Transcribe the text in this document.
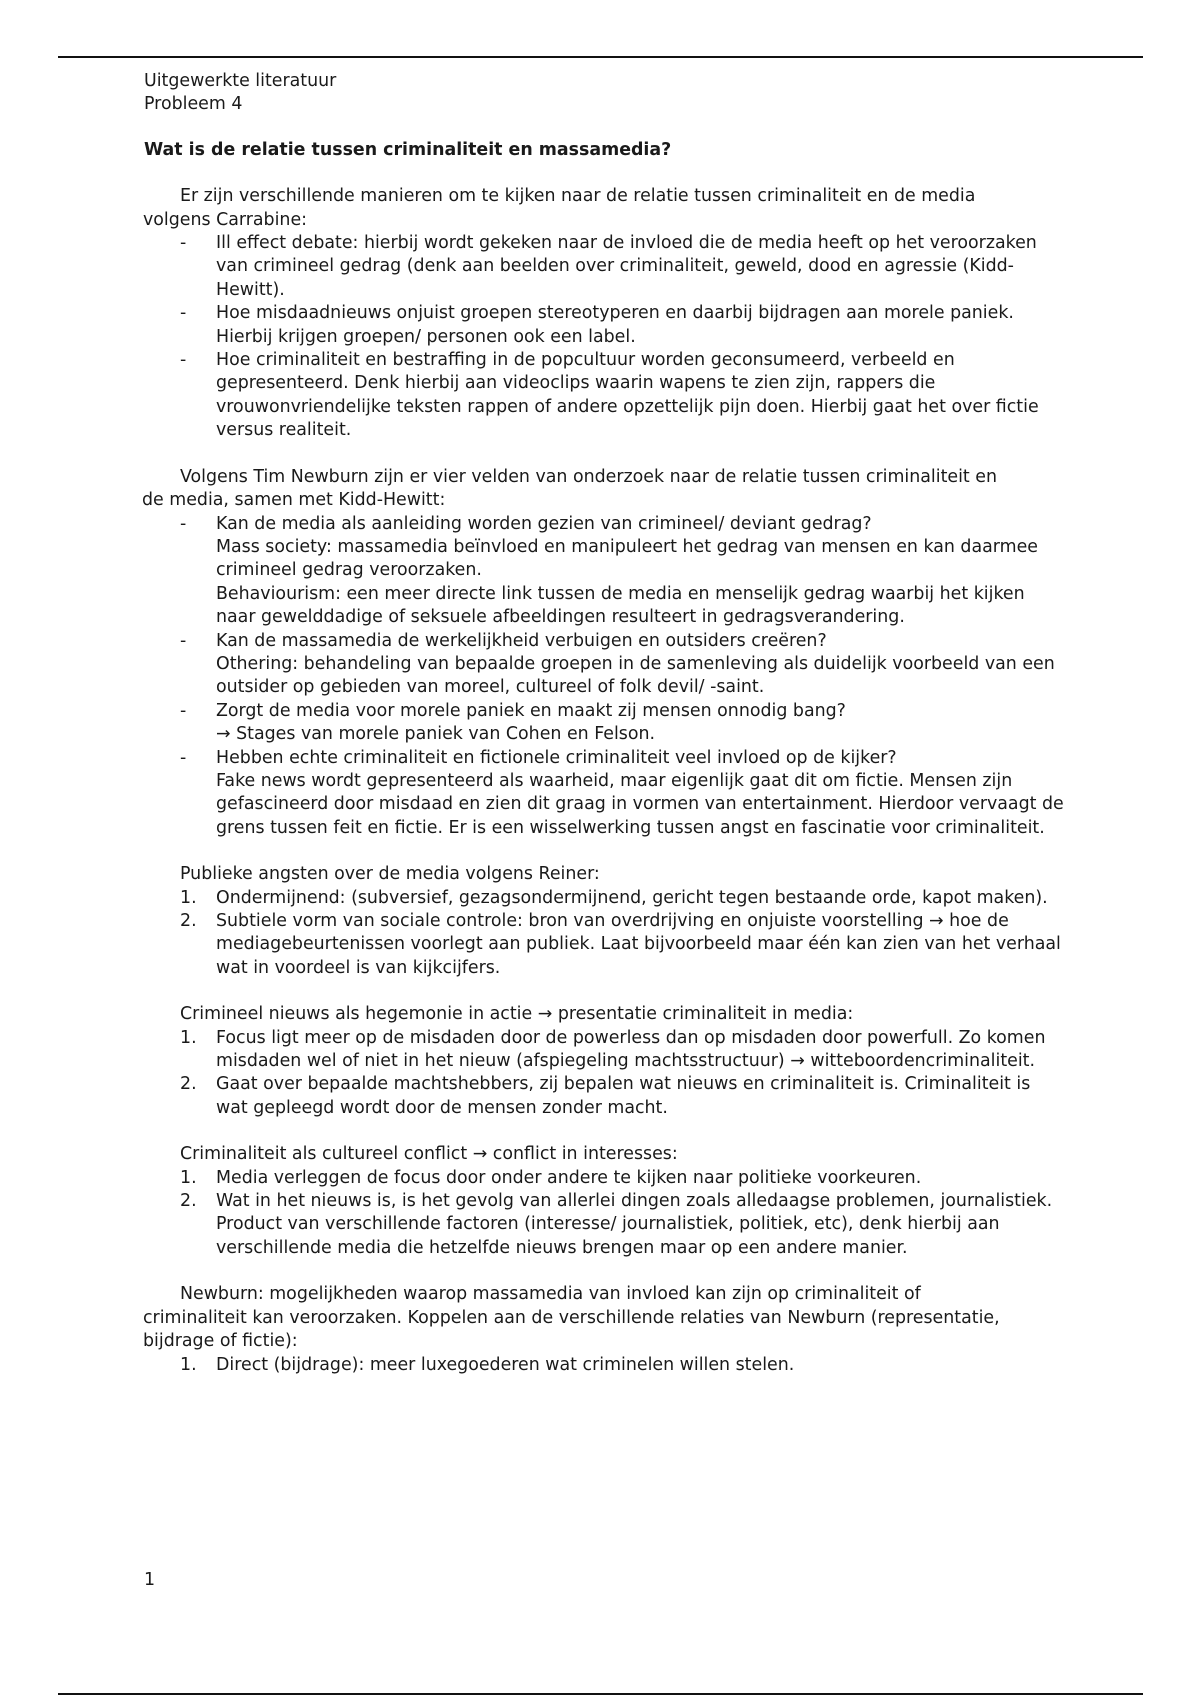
Uitgewerkte literatuur

Probleem 4

Wat is de relatie tussen criminaliteit en massamedia?

Er zijn verschillende manieren om te kijken naar de relatie tussen criminaliteit en de media

volgens Carrabine:

- Ill effect debate: hierbij wordt gekeken naar de invloed die de media heeft op het veroorzaken van crimineel gedrag (denk aan beelden over criminaliteit, geweld, dood en agressie (Kidd-Hewitt).
- Hoe misdaadnieuws onjuist groepen stereotyperen en daarbij bijdragen aan morele paniek. Hierbij krijgen groepen/ personen ook een label.
- Hoe criminaliteit en bestraffing in de popcultuur worden geconsumeerd, verbeeld en gepresenteerd. Denk hierbij aan videoclips waarin wapens te zien zijn, rappers die vrouwonvriendelijke teksten rappen of andere opzettelijk pijn doen. Hierbij gaat het over fictie versus realiteit.

Volgens Tim Newburn zijn er vier velden van onderzoek naar de relatie tussen criminaliteit en

de media, samen met Kidd-Hewitt:

- Kan de media als aanleiding worden gezien van crimineel/ deviant gedrag?
Mass society: massamedia beïnvloed en manipuleert het gedrag van mensen en kan daarmee crimineel gedrag veroorzaken.
Behaviourism: een meer directe link tussen de media en menselijk gedrag waarbij het kijken naar gewelddadige of seksuele afbeeldingen resulteert in gedragsverandering.
- Kan de massamedia de werkelijkheid verbuigen en outsiders creëren?
Othering: behandeling van bepaalde groepen in de samenleving als duidelijk voorbeeld van een outsider op gebieden van moreel, cultureel of folk devil/ -saint.
- Zorgt de media voor morele paniek en maakt zij mensen onnodig bang?
→ Stages van morele paniek van Cohen en Felson.
- Hebben echte criminaliteit en fictionele criminaliteit veel invloed op de kijker?
Fake news wordt gepresenteerd als waarheid, maar eigenlijk gaat dit om fictie. Mensen zijn gefascineerd door misdaad en zien dit graag in vormen van entertainment. Hierdoor vervaagt de grens tussen feit en fictie. Er is een wisselwerking tussen angst en fascinatie voor criminaliteit.

Publieke angsten over de media volgens Reiner:

1. Ondermijnend: (subversief, gezagsondermijnend, gericht tegen bestaande orde, kapot maken).
2. Subtiele vorm van sociale controle: bron van overdrijving en onjuiste voorstelling → hoe de mediagebeurtenissen voorlegt aan publiek. Laat bijvoorbeeld maar één kan zien van het verhaal wat in voordeel is van kijkcijfers.

Crimineel nieuws als hegemonie in actie → presentatie criminaliteit in media:

1. Focus ligt meer op de misdaden door de powerless dan op misdaden door powerfull. Zo komen misdaden wel of niet in het nieuw (afspiegeling machtsstructuur) → witteboordencriminaliteit.
2. Gaat over bepaalde machtshebbers, zij bepalen wat nieuws en criminaliteit is. Criminaliteit is wat gepleegd wordt door de mensen zonder macht.

Criminaliteit als cultureel conflict → conflict in interesses:

1. Media verleggen de focus door onder andere te kijken naar politieke voorkeuren.
2. Wat in het nieuws is, is het gevolg van allerlei dingen zoals alledaagse problemen, journalistiek. Product van verschillende factoren (interesse/ journalistiek, politiek, etc), denk hierbij aan verschillende media die hetzelfde nieuws brengen maar op een andere manier.

Newburn: mogelijkheden waarop massamedia van invloed kan zijn op criminaliteit of

criminaliteit kan veroorzaken. Koppelen aan de verschillende relaties van Newburn (representatie, bijdrage of fictie):

1. Direct (bijdrage): meer luxegoederen wat criminelen willen stelen.
1
